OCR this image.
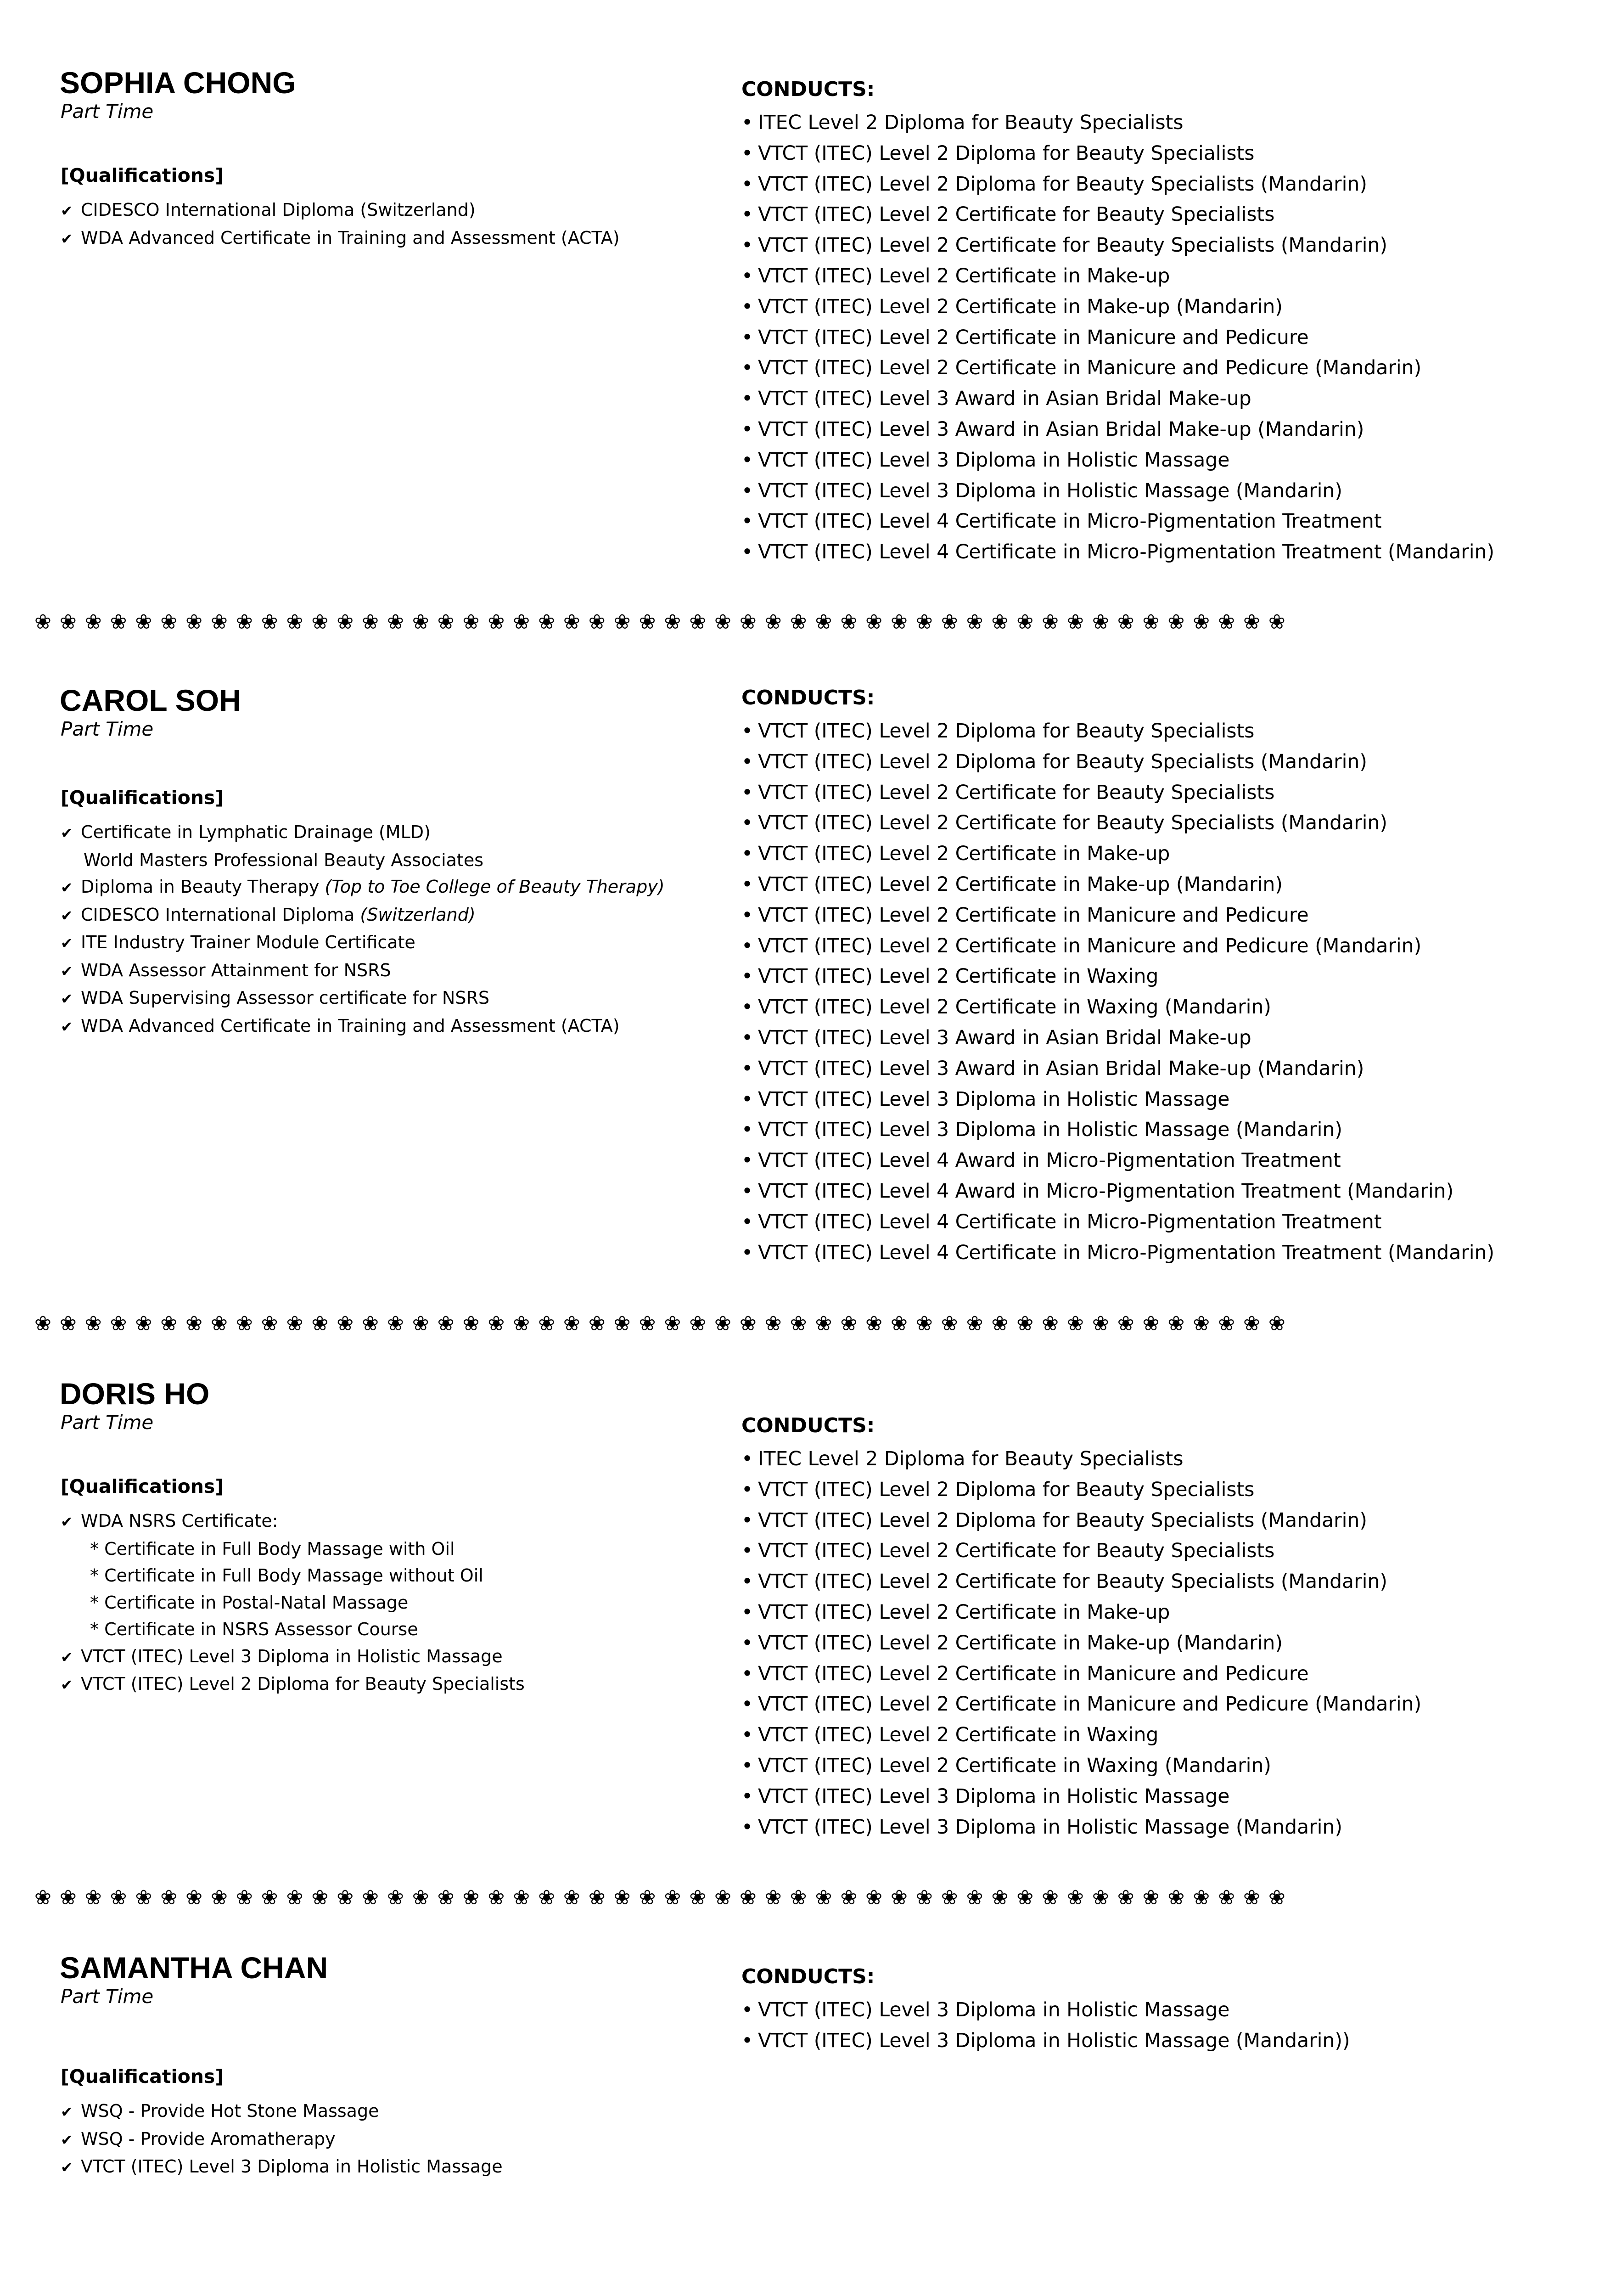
SOPHIA CHONG
Part Time
[Qualifications]
✔ CIDESCO International Diploma (Switzerland)
✔ WDA Advanced Certificate in Training and Assessment (ACTA)
CONDUCTS:
• ITEC Level 2 Diploma for Beauty Specialists
• VTCT (ITEC) Level 2 Diploma for Beauty Specialists
• VTCT (ITEC) Level 2 Diploma for Beauty Specialists (Mandarin)
• VTCT (ITEC) Level 2 Certificate for Beauty Specialists
• VTCT (ITEC) Level 2 Certificate for Beauty Specialists (Mandarin)
• VTCT (ITEC) Level 2 Certificate in Make-up
• VTCT (ITEC) Level 2 Certificate in Make-up (Mandarin)
• VTCT (ITEC) Level 2 Certificate in Manicure and Pedicure
• VTCT (ITEC) Level 2 Certificate in Manicure and Pedicure (Mandarin)
• VTCT (ITEC) Level 3 Award in Asian Bridal Make-up
• VTCT (ITEC) Level 3 Award in Asian Bridal Make-up (Mandarin)
• VTCT (ITEC) Level 3 Diploma in Holistic Massage
• VTCT (ITEC) Level 3 Diploma in Holistic Massage (Mandarin)
• VTCT (ITEC) Level 4 Certificate in Micro-Pigmentation Treatment
• VTCT (ITEC) Level 4 Certificate in Micro-Pigmentation Treatment (Mandarin)
❀ ❀ ❀ ❀ ❀ ❀ ❀ ❀ ❀ ❀ ❀ ❀ ❀ ❀ ❀ ❀ ❀ ❀ ❀ ❀ ❀ ❀ ❀ ❀ ❀ ❀ ❀ ❀ ❀ ❀ ❀ ❀ ❀ ❀ ❀ ❀ ❀ ❀ ❀ ❀ ❀ ❀ ❀ ❀ ❀ ❀ ❀ ❀ ❀ ❀
CAROL SOH
Part Time
[Qualifications]
✔ Certificate in Lymphatic Drainage (MLD)
World Masters Professional Beauty Associates
✔ Diploma in Beauty Therapy (Top to Toe College of Beauty Therapy)
✔ CIDESCO International Diploma (Switzerland)
✔ ITE Industry Trainer Module Certificate
✔ WDA Assessor Attainment for NSRS
✔ WDA Supervising Assessor certificate for NSRS
✔ WDA Advanced Certificate in Training and Assessment (ACTA)
CONDUCTS:
• VTCT (ITEC) Level 2 Diploma for Beauty Specialists
• VTCT (ITEC) Level 2 Diploma for Beauty Specialists (Mandarin)
• VTCT (ITEC) Level 2 Certificate for Beauty Specialists
• VTCT (ITEC) Level 2 Certificate for Beauty Specialists (Mandarin)
• VTCT (ITEC) Level 2 Certificate in Make-up
• VTCT (ITEC) Level 2 Certificate in Make-up (Mandarin)
• VTCT (ITEC) Level 2 Certificate in Manicure and Pedicure
• VTCT (ITEC) Level 2 Certificate in Manicure and Pedicure (Mandarin)
• VTCT (ITEC) Level 2 Certificate in Waxing
• VTCT (ITEC) Level 2 Certificate in Waxing (Mandarin)
• VTCT (ITEC) Level 3 Award in Asian Bridal Make-up
• VTCT (ITEC) Level 3 Award in Asian Bridal Make-up (Mandarin)
• VTCT (ITEC) Level 3 Diploma in Holistic Massage
• VTCT (ITEC) Level 3 Diploma in Holistic Massage (Mandarin)
• VTCT (ITEC) Level 4 Award in Micro-Pigmentation Treatment
• VTCT (ITEC) Level 4 Award in Micro-Pigmentation Treatment (Mandarin)
• VTCT (ITEC) Level 4 Certificate in Micro-Pigmentation Treatment
• VTCT (ITEC) Level 4 Certificate in Micro-Pigmentation Treatment (Mandarin)
❀ ❀ ❀ ❀ ❀ ❀ ❀ ❀ ❀ ❀ ❀ ❀ ❀ ❀ ❀ ❀ ❀ ❀ ❀ ❀ ❀ ❀ ❀ ❀ ❀ ❀ ❀ ❀ ❀ ❀ ❀ ❀ ❀ ❀ ❀ ❀ ❀ ❀ ❀ ❀ ❀ ❀ ❀ ❀ ❀ ❀ ❀ ❀ ❀ ❀
DORIS HO
Part Time
[Qualifications]
✔ WDA NSRS Certificate:
* Certificate in Full Body Massage with Oil
* Certificate in Full Body Massage without Oil
* Certificate in Postal-Natal Massage
* Certificate in NSRS Assessor Course
✔ VTCT (ITEC) Level 3 Diploma in Holistic Massage
✔ VTCT (ITEC) Level 2 Diploma for Beauty Specialists
CONDUCTS:
• ITEC Level 2 Diploma for Beauty Specialists
• VTCT (ITEC) Level 2 Diploma for Beauty Specialists
• VTCT (ITEC) Level 2 Diploma for Beauty Specialists (Mandarin)
• VTCT (ITEC) Level 2 Certificate for Beauty Specialists
• VTCT (ITEC) Level 2 Certificate for Beauty Specialists (Mandarin)
• VTCT (ITEC) Level 2 Certificate in Make-up
• VTCT (ITEC) Level 2 Certificate in Make-up (Mandarin)
• VTCT (ITEC) Level 2 Certificate in Manicure and Pedicure
• VTCT (ITEC) Level 2 Certificate in Manicure and Pedicure (Mandarin)
• VTCT (ITEC) Level 2 Certificate in Waxing
• VTCT (ITEC) Level 2 Certificate in Waxing (Mandarin)
• VTCT (ITEC) Level 3 Diploma in Holistic Massage
• VTCT (ITEC) Level 3 Diploma in Holistic Massage (Mandarin)
❀ ❀ ❀ ❀ ❀ ❀ ❀ ❀ ❀ ❀ ❀ ❀ ❀ ❀ ❀ ❀ ❀ ❀ ❀ ❀ ❀ ❀ ❀ ❀ ❀ ❀ ❀ ❀ ❀ ❀ ❀ ❀ ❀ ❀ ❀ ❀ ❀ ❀ ❀ ❀ ❀ ❀ ❀ ❀ ❀ ❀ ❀ ❀ ❀ ❀
SAMANTHA CHAN
Part Time
[Qualifications]
✔ WSQ - Provide Hot Stone Massage
✔ WSQ - Provide Aromatherapy
✔ VTCT (ITEC) Level 3 Diploma in Holistic Massage
CONDUCTS:
• VTCT (ITEC) Level 3 Diploma in Holistic Massage
• VTCT (ITEC) Level 3 Diploma in Holistic Massage (Mandarin))
